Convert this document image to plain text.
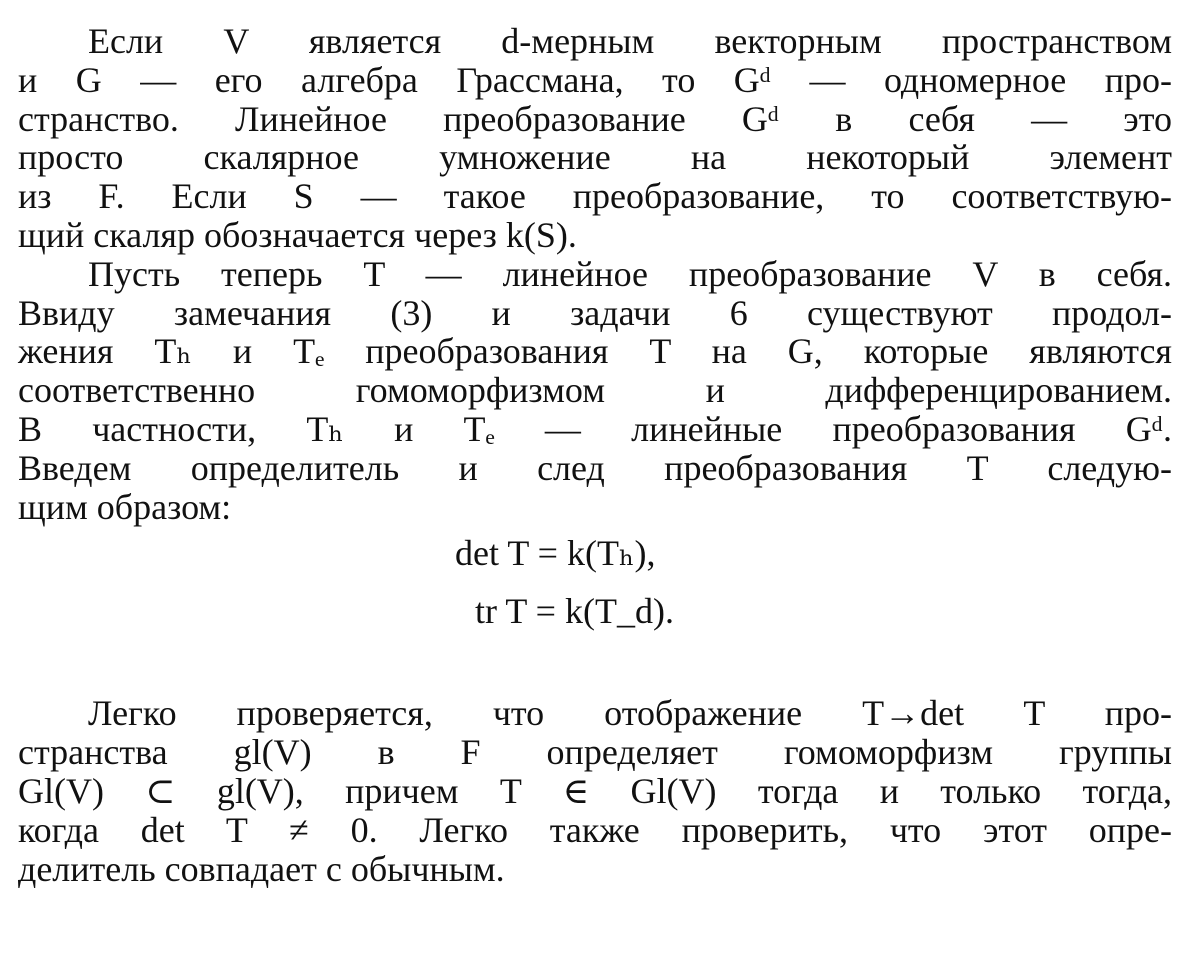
Если V является d-мерным векторным пространством
и G — его алгебра Грассмана, то Gᵈ — одномерное про-
странство. Линейное преобразование Gᵈ в себя — это
просто скалярное умножение на некоторый элемент
из F. Если S — такое преобразование, то соответствую-
щий скаляр обозначается через k(S).

Пусть теперь T — линейное преобразование V в себя.
Ввиду замечания (3) и задачи 6 существуют продол-
жения Tₕ и Tₑ преобразования T на G, которые являются
соответственно гомоморфизмом и дифференцированием.
В частности, Tₕ и Tₑ — линейные преобразования Gᵈ.
Введем определитель и след преобразования T следую-
щим образом:

det T = k(Tₕ),
tr T = k(T_d).

Легко проверяется, что отображение T→det T про-
странства gl(V) в F определяет гомоморфизм группы
Gl(V) ⊂ gl(V), причем T ∈ Gl(V) тогда и только тогда,
когда det T ≠ 0. Легко также проверить, что этот опре-
делитель совпадает с обычным.
